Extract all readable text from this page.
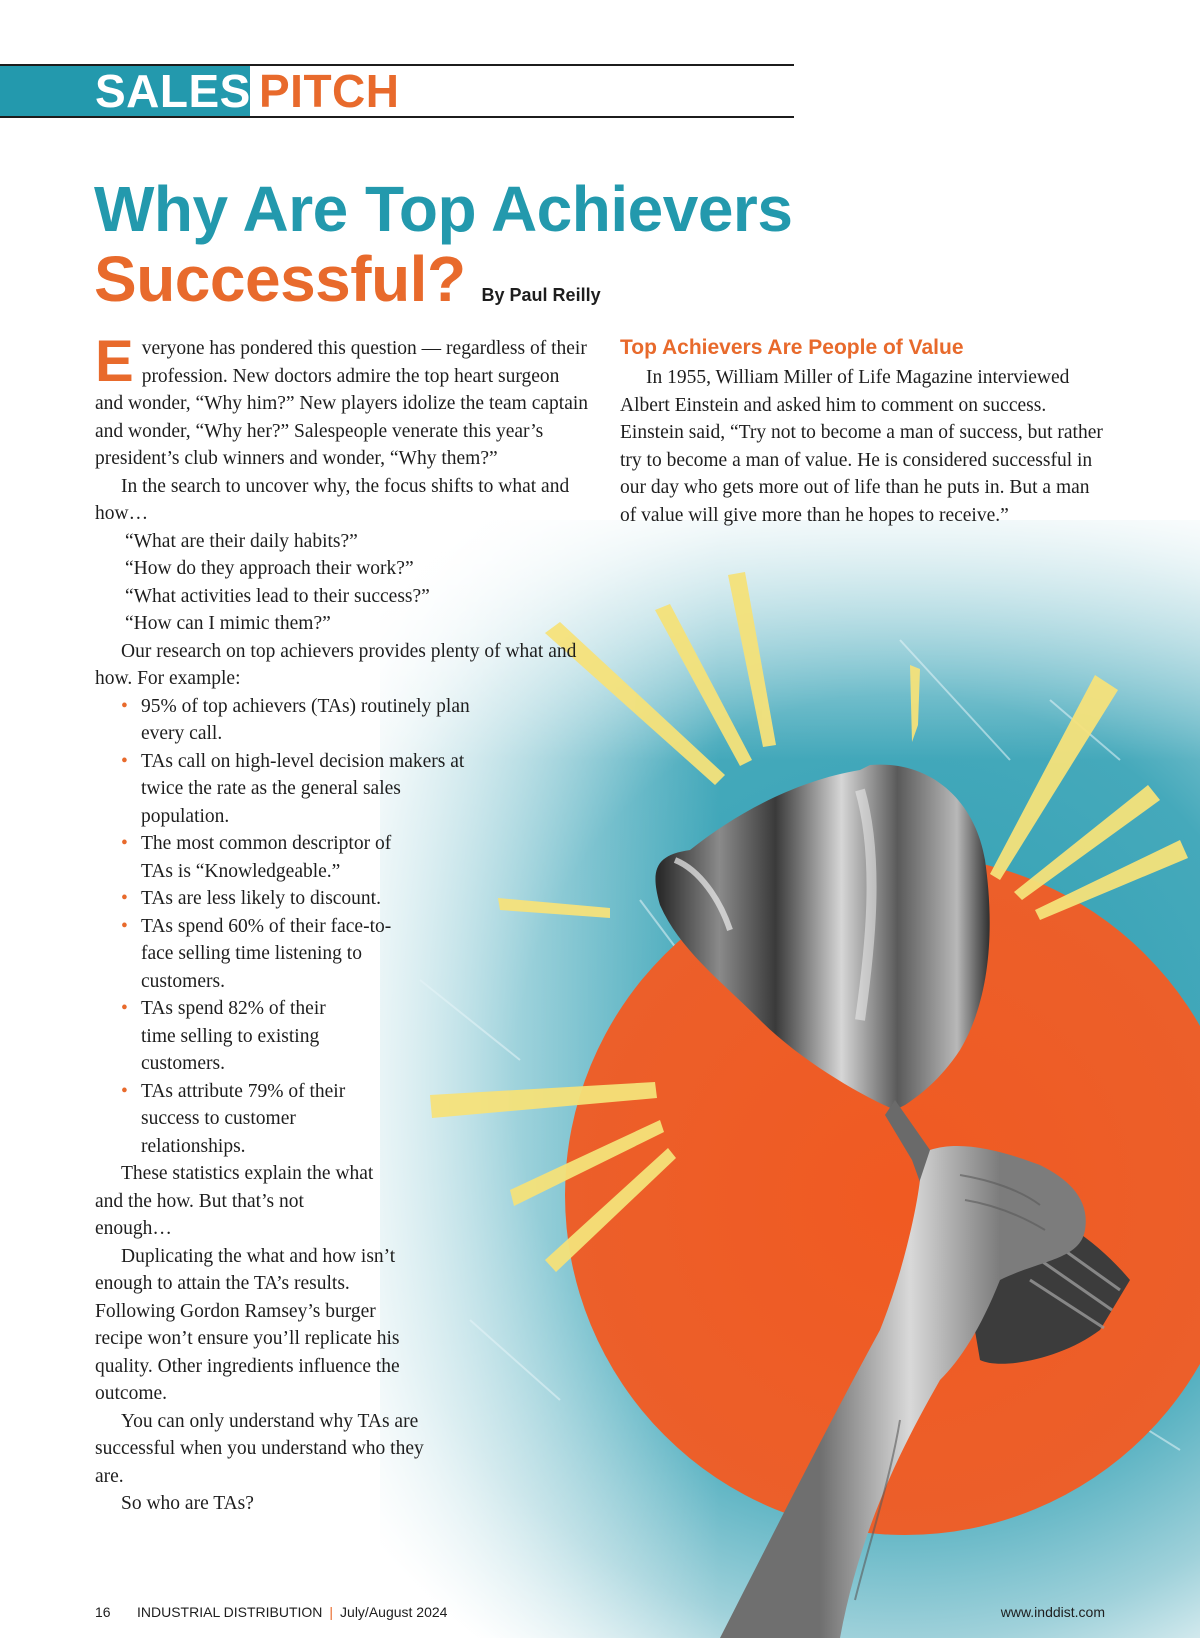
SALES PITCH
Why Are Top Achievers
Successful? By Paul Reilly

Everyone has pondered this question — regardless of their profession. New doctors admire the top heart surgeon and wonder, “Why him?” New players idolize the team captain and wonder, “Why her?” Salespeople venerate this year’s president’s club winners and wonder, “Why them?”

In the search to uncover why, the focus shifts to what and how…

“What are their daily habits?”

“How do they approach their work?”

“What activities lead to their success?”

“How can I mimic them?”

Our research on top achievers provides plenty of what and how. For example:

• 95% of top achievers (TAs) routinely plan every call.
• TAs call on high-level decision makers at twice the rate as the general sales population.
• The most common descriptor of TAs is “Knowledgeable.”
• TAs are less likely to discount.
• TAs spend 60% of their face-to-face selling time listening to customers.
• TAs spend 82% of their time selling to existing customers.
• TAs attribute 79% of their success to customer relationships.

These statistics explain the what and the how. But that’s not enough…

Duplicating the what and how isn’t enough to attain the TA’s results. Following Gordon Ramsey’s burger recipe won’t ensure you’ll replicate his quality. Other ingredients influence the outcome.

You can only understand why TAs are successful when you understand who they are.

So who are TAs?

Top Achievers Are People of Value

In 1955, William Miller of Life Magazine interviewed Albert Einstein and asked him to comment on success. Einstein said, “Try not to become a man of success, but rather try to become a man of value. He is considered successful in our day who gets more out of life than he puts in. But a man of value will give more than he hopes to receive.”

16 INDUSTRIAL DISTRIBUTION | July/August 2024	www.inddist.com
